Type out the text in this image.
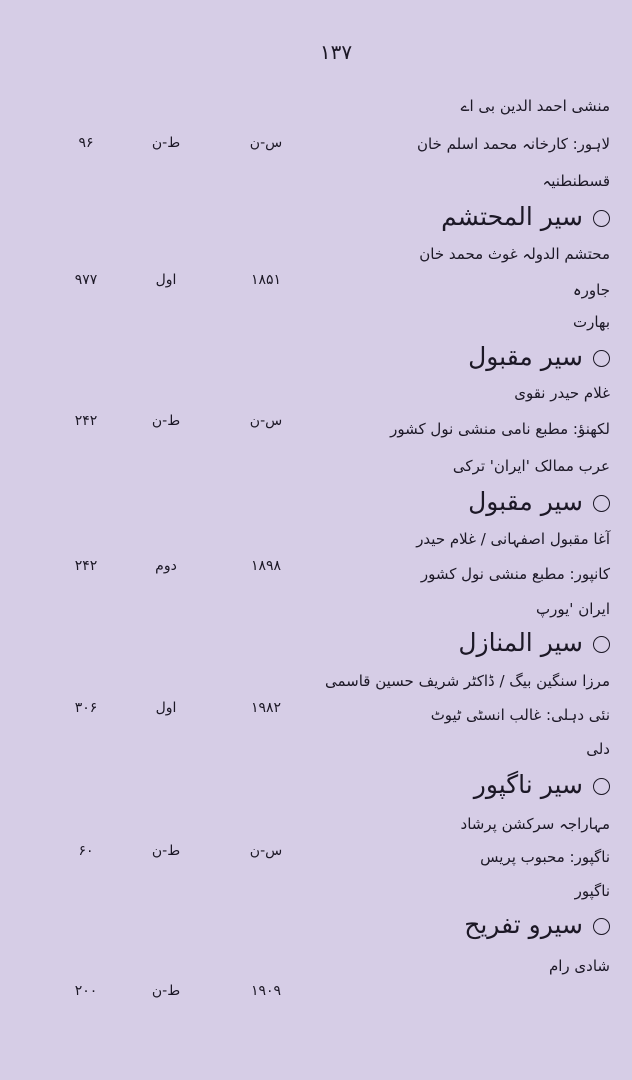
۱۳۷
منشی احمد الدین بی اے
لاہور: کارخانہ محمد اسلم خان
قسطنطنیہ
س-ن
ط-ن
۹۶
سیر المحتشم
محتشم الدولہ غوث محمد خان
جاورہ
بھارت
۱۸۵۱
اول
۹۷۷
سیر مقبول
غلام حیدر نقوی
لکھنؤ: مطبع نامی منشی نول کشور
عرب ممالک 'ایران' ترکی
س-ن
ط-ن
۲۴۲
سیر مقبول
آغا مقبول اصفہانی / غلام حیدر
کانپور: مطبع منشی نول کشور
ایران 'یورپ
۱۸۹۸
دوم
۲۴۲
سیر المنازل
مرزا سنگین بیگ / ڈاکٹر شریف حسین قاسمی
نئی دہلی: غالب انسٹی ٹیوٹ
دلی
۱۹۸۲
اول
۳۰۶
سیر ناگپور
مہاراجہ سرکشن پرشاد
ناگپور: محبوب پریس
ناگپور
س-ن
ط-ن
۶۰
سیرو تفریح
شادی رام
۱۹۰۹
ط-ن
۲۰۰
